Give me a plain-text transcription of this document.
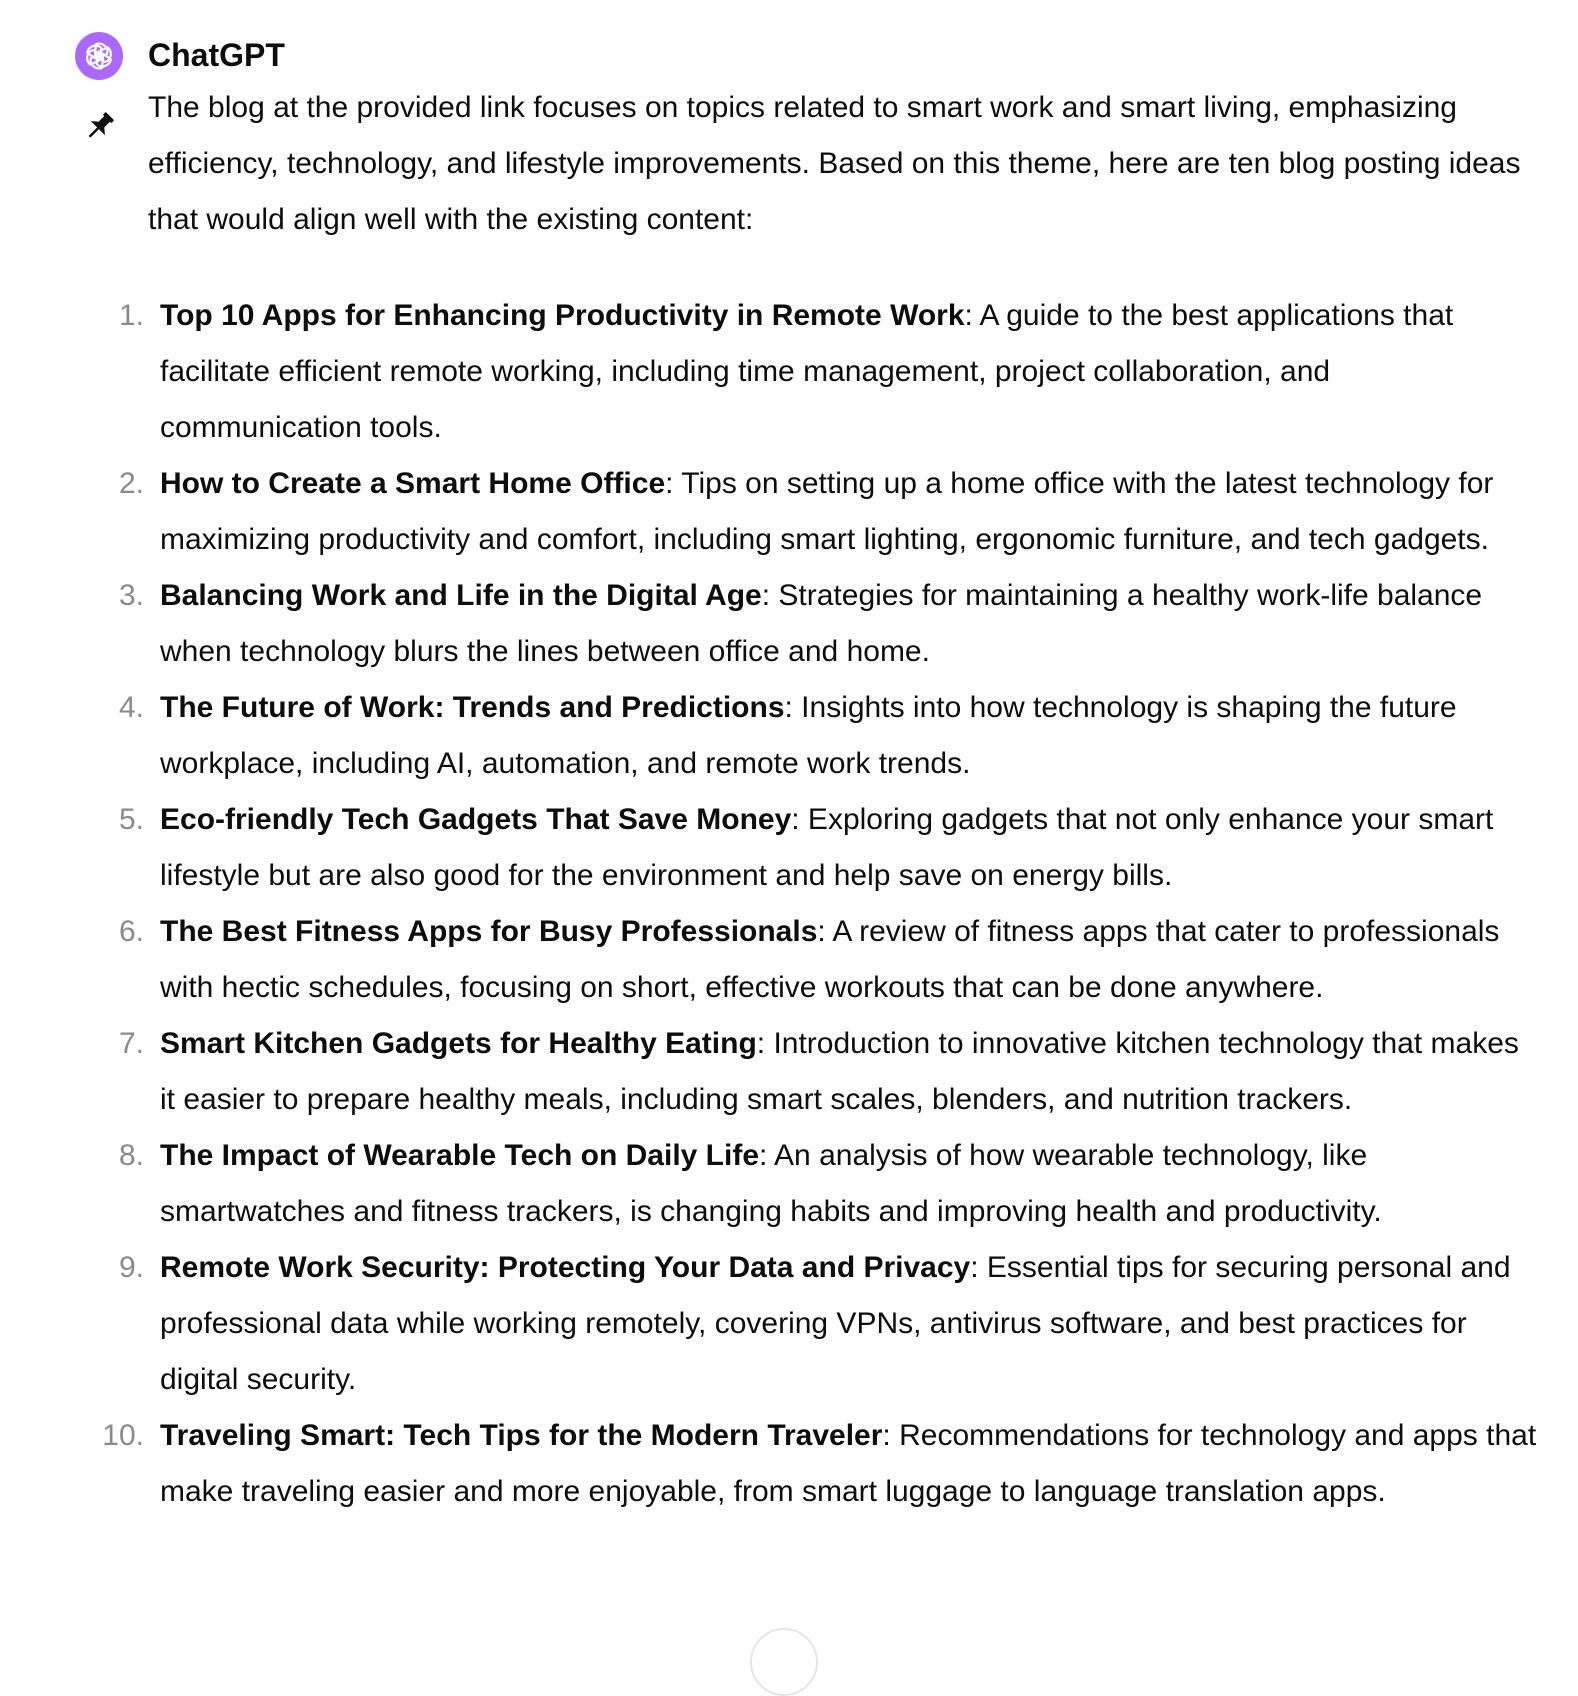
ChatGPT

The blog at the provided link focuses on topics related to smart work and smart living, emphasizing efficiency, technology, and lifestyle improvements. Based on this theme, here are ten blog posting ideas that would align well with the existing content:

1. Top 10 Apps for Enhancing Productivity in Remote Work: A guide to the best applications that facilitate efficient remote working, including time management, project collaboration, and communication tools.
2. How to Create a Smart Home Office: Tips on setting up a home office with the latest technology for maximizing productivity and comfort, including smart lighting, ergonomic furniture, and tech gadgets.
3. Balancing Work and Life in the Digital Age: Strategies for maintaining a healthy work-life balance when technology blurs the lines between office and home.
4. The Future of Work: Trends and Predictions: Insights into how technology is shaping the future workplace, including AI, automation, and remote work trends.
5. Eco-friendly Tech Gadgets That Save Money: Exploring gadgets that not only enhance your smart lifestyle but are also good for the environment and help save on energy bills.
6. The Best Fitness Apps for Busy Professionals: A review of fitness apps that cater to professionals with hectic schedules, focusing on short, effective workouts that can be done anywhere.
7. Smart Kitchen Gadgets for Healthy Eating: Introduction to innovative kitchen technology that makes it easier to prepare healthy meals, including smart scales, blenders, and nutrition trackers.
8. The Impact of Wearable Tech on Daily Life: An analysis of how wearable technology, like smartwatches and fitness trackers, is changing habits and improving health and productivity.
9. Remote Work Security: Protecting Your Data and Privacy: Essential tips for securing personal and professional data while working remotely, covering VPNs, antivirus software, and best practices for digital security.
10. Traveling Smart: Tech Tips for the Modern Traveler: Recommendations for technology and apps that make traveling easier and more enjoyable, from smart luggage to language translation apps.
